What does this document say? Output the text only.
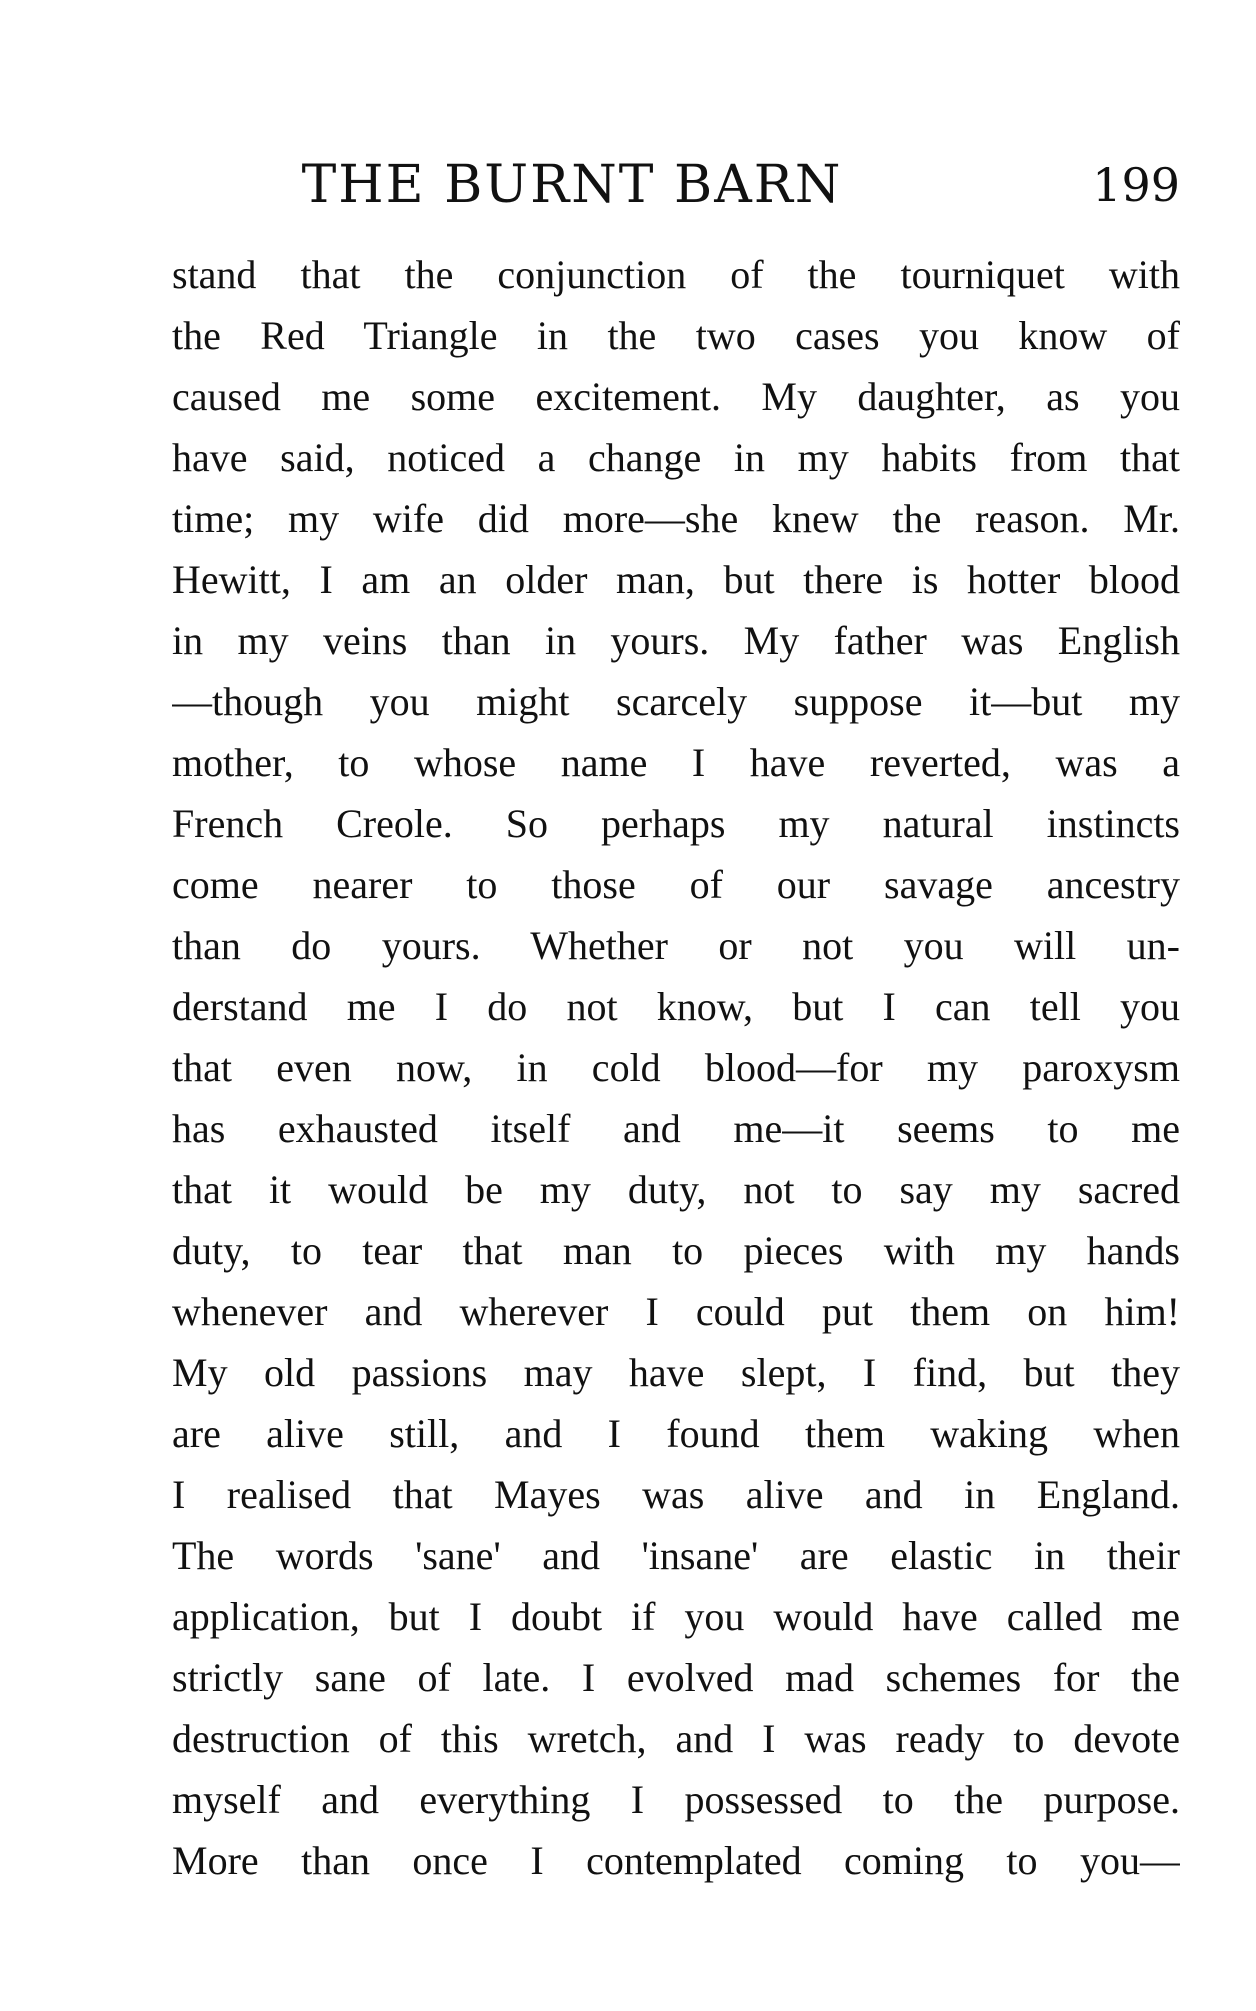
THE BURNT BARN	199
stand that the conjunction of the tourniquet with
the Red Triangle in the two cases you know of
caused me some excitement. My daughter, as you
have said, noticed a change in my habits from that
time; my wife did more—she knew the reason. Mr.
Hewitt, I am an older man, but there is hotter blood
in my veins than in yours. My father was English
—though you might scarcely suppose it—but my
mother, to whose name I have reverted, was a
French Creole. So perhaps my natural instincts
come nearer to those of our savage ancestry
than do yours. Whether or not you will un-
derstand me I do not know, but I can tell you
that even now, in cold blood—for my paroxysm
has exhausted itself and me—it seems to me
that it would be my duty, not to say my sacred
duty, to tear that man to pieces with my hands
whenever and wherever I could put them on him!
My old passions may have slept, I find, but they
are alive still, and I found them waking when
I realised that Mayes was alive and in England.
The words 'sane' and 'insane' are elastic in their
application, but I doubt if you would have called me
strictly sane of late. I evolved mad schemes for the
destruction of this wretch, and I was ready to devote
myself and everything I possessed to the purpose.
More than once I contemplated coming to you—
